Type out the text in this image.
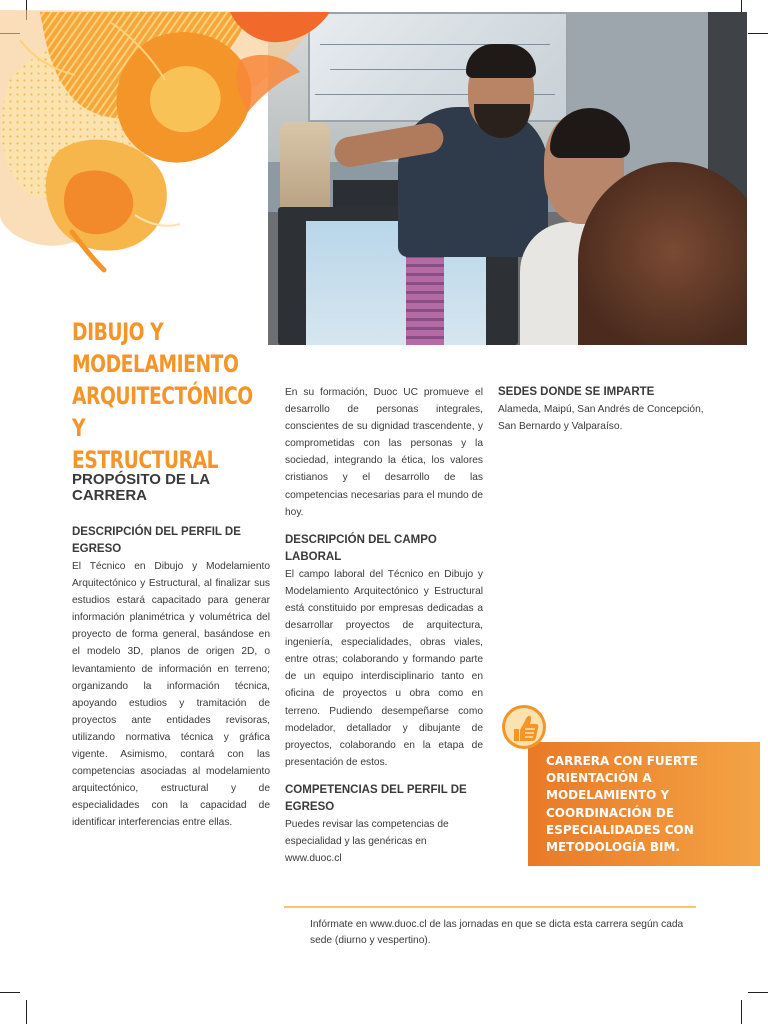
DIBUJO Y
MODELAMIENTO
ARQUITECTÓNICO Y
ESTRUCTURAL
PROPÓSITO DE LA
CARRERA
DESCRIPCIÓN DEL PERFIL DE EGRESO
El Técnico en Dibujo y Modelamiento Arquitectónico y Estructural, al finalizar sus estudios estará capacitado para generar información planimétrica y volumétrica del proyecto de forma general, basándose en el modelo 3D, planos de origen 2D, o levantamiento de información en terreno; organizando la información técnica, apoyando estudios y tramitación de proyectos ante entidades revisoras, utilizando normativa técnica y gráfica vigente. Asimismo, contará con las competencias asociadas al modelamiento arquitectónico, estructural y de especialidades con la capacidad de identificar interferencias entre ellas.
En su formación, Duoc UC promueve el desarrollo de personas integrales, conscientes de su dignidad trascendente, y comprometidas con las personas y la sociedad, integrando la ética, los valores cristianos y el desarrollo de las competencias necesarias para el mundo de hoy.
DESCRIPCIÓN DEL CAMPO LABORAL
El campo laboral del Técnico en Dibujo y Modelamiento Arquitectónico y Estructural está constituido por empresas dedicadas a desarrollar proyectos de arquitectura, ingeniería, especialidades, obras viales, entre otras; colaborando y formando parte de un equipo interdisciplinario tanto en oficina de proyectos u obra como en terreno. Pudiendo desempeñarse como modelador, detallador y dibujante de proyectos, colaborando en la etapa de presentación de estos.
COMPETENCIAS DEL PERFIL DE EGRESO
Puedes revisar las competencias de especialidad y las genéricas en www.duoc.cl
SEDES DONDE SE IMPARTE
Alameda, Maipú, San Andrés de Concepción, San Bernardo y Valparaíso.
CARRERA CON FUERTE
ORIENTACIÓN A
MODELAMIENTO Y
COORDINACIÓN DE
ESPECIALIDADES CON
METODOLOGÍA BIM.
Infórmate en www.duoc.cl de las jornadas en que se dicta esta carrera según cada sede (diurno y vespertino).
